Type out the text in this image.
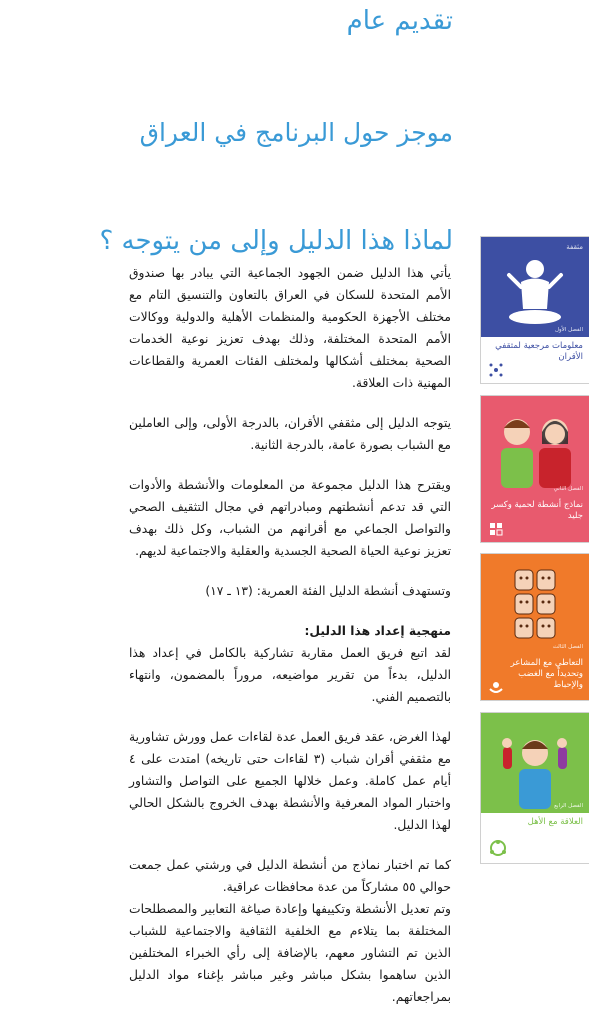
تقديم عام
موجز حول البرنامج في العراق
لماذا هذا الدليل وإلى من يتوجه ؟

يأتي هذا الدليل ضمن الجهود الجماعية التي يبادر بها صندوق الأمم المتحدة للسكان في العراق بالتعاون والتنسيق التام مع مختلف الأجهزة الحكومية والمنظمات الأهلية والدولية ووكالات الأمم المتحدة المختلفة، وذلك بهدف تعزيز نوعية الخدمات الصحية بمختلف أشكالها ولمختلف الفئات العمرية والقطاعات المهنية ذات العلاقة.

يتوجه الدليل إلى مثقفي الأقران، بالدرجة الأولى، وإلى العاملين مع الشباب بصورة عامة، بالدرجة الثانية.

ويقترح هذا الدليل مجموعة من المعلومات والأنشطة والأدوات التي قد تدعم أنشطتهم ومبادراتهم في مجال التثقيف الصحي والتواصل الجماعي مع أقرانهم من الشباب، وكل ذلك بهدف تعزيز نوعية الحياة الصحية الجسدية والعقلية والاجتماعية لديهم.

وتستهدف أنشطة الدليل الفئة العمرية: (١٣ ـ ١٧)

منهجية إعداد هذا الدليل:

لقد اتبع فريق العمل مقاربة تشاركية بالكامل في إعداد هذا الدليل، بدءاً من تقرير مواضيعه، مروراً بالمضمون، وانتهاء بالتصميم الفني.

لهذا الغرض، عقد فريق العمل عدة لقاءات عمل وورش تشاورية مع مثقفي أقران شباب (٣ لقاءات حتى تاريخه) امتدت على ٤ أيام عمل كاملة. وعمل خلالها الجميع على التواصل والتشاور واختبار المواد المعرفية والأنشطة بهدف الخروج بالشكل الحالي لهذا الدليل.

كما تم اختبار نماذج من أنشطة الدليل في ورشتي عمل جمعت حوالي ٥٥ مشاركاً من عدة محافظات عراقية.

وتم تعديل الأنشطة وتكييفها وإعادة صياغة التعابير والمصطلحات المختلفة بما يتلاءم مع الخلفية الثقافية والاجتماعية للشباب الذين تم التشاور معهم، بالإضافة إلى رأي الخبراء المختلفين الذين ساهموا بشكل مباشر وغير مباشر بإغناء مواد الدليل بمراجعاتهم.

مثقفة
الفصل الأول
معلومات مرجعية لمثقفي الأقران
الفصل الثاني
نماذج أنشطة لحمية وكسر جليد
الفصل الثالث
التعاطي مع المشاعر وتحديداً مع الغضب والإحباط
الفصل الرابع
العلاقة مع الأهل
